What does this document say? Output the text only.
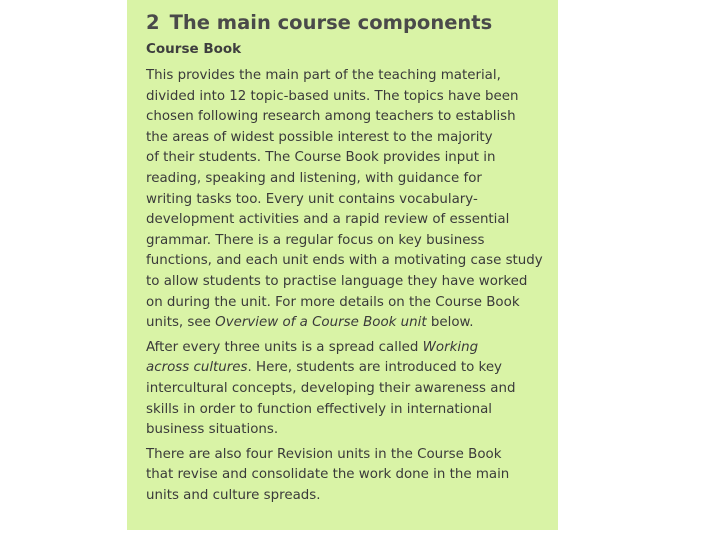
2 The main course components
Course Book

This provides the main part of the teaching material,
divided into 12 topic-based units. The topics have been
chosen following research among teachers to establish
the areas of widest possible interest to the majority
of their students. The Course Book provides input in
reading, speaking and listening, with guidance for
writing tasks too. Every unit contains vocabulary-
development activities and a rapid review of essential
grammar. There is a regular focus on key business
functions, and each unit ends with a motivating case study
to allow students to practise language they have worked
on during the unit. For more details on the Course Book
units, see Overview of a Course Book unit below.

After every three units is a spread called Working
across cultures. Here, students are introduced to key
intercultural concepts, developing their awareness and
skills in order to function effectively in international
business situations.

There are also four Revision units in the Course Book
that revise and consolidate the work done in the main
units and culture spreads.
